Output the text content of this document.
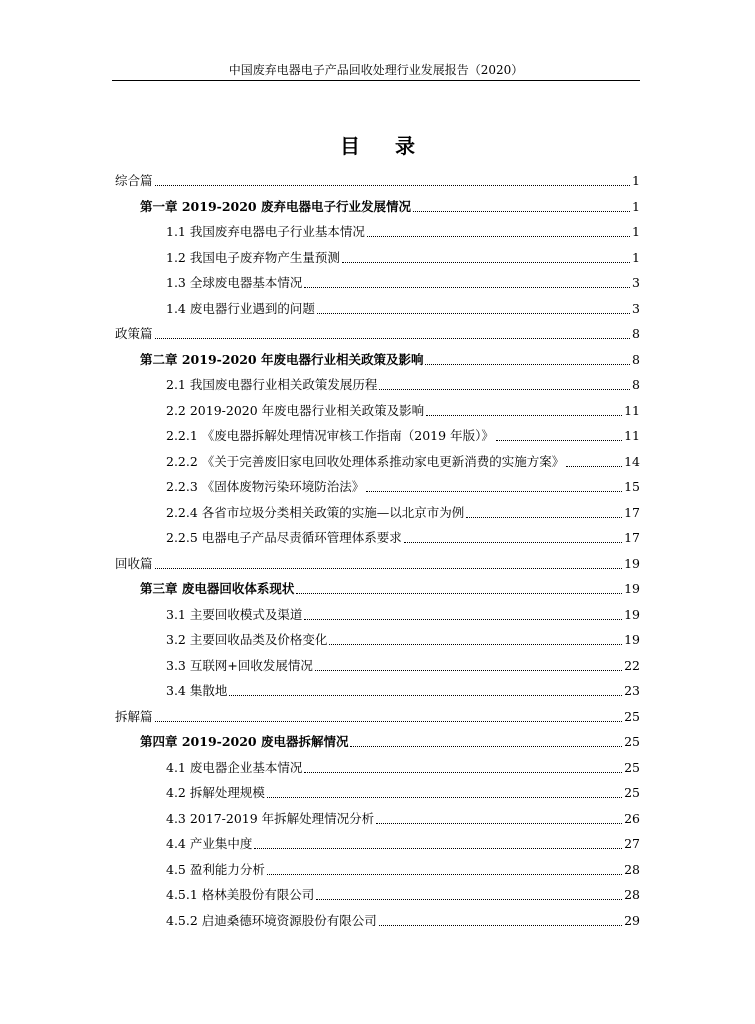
中国废弃电器电子产品回收处理行业发展报告（2020）
目 录
综合篇	1
第一章 2019-2020 废弃电器电子行业发展情况	1
1.1 我国废弃电器电子行业基本情况	1
1.2 我国电子废弃物产生量预测	1
1.3 全球废电器基本情况	3
1.4 废电器行业遇到的问题	3
政策篇	8
第二章 2019-2020 年废电器行业相关政策及影响	8
2.1 我国废电器行业相关政策发展历程	8
2.2 2019-2020 年废电器行业相关政策及影响	11
2.2.1 《废电器拆解处理情况审核工作指南（2019 年版）》	11
2.2.2 《关于完善废旧家电回收处理体系推动家电更新消费的实施方案》	14
2.2.3 《固体废物污染环境防治法》	15
2.2.4 各省市垃圾分类相关政策的实施—以北京市为例	17
2.2.5 电器电子产品尽责循环管理体系要求	17
回收篇	19
第三章 废电器回收体系现状	19
3.1 主要回收模式及渠道	19
3.2 主要回收品类及价格变化	19
3.3 互联网+回收发展情况	22
3.4 集散地	23
拆解篇	25
第四章 2019-2020 废电器拆解情况	25
4.1 废电器企业基本情况	25
4.2 拆解处理规模	25
4.3 2017-2019 年拆解处理情况分析	26
4.4 产业集中度	27
4.5 盈利能力分析	28
4.5.1 格林美股份有限公司	28
4.5.2 启迪桑德环境资源股份有限公司	29
